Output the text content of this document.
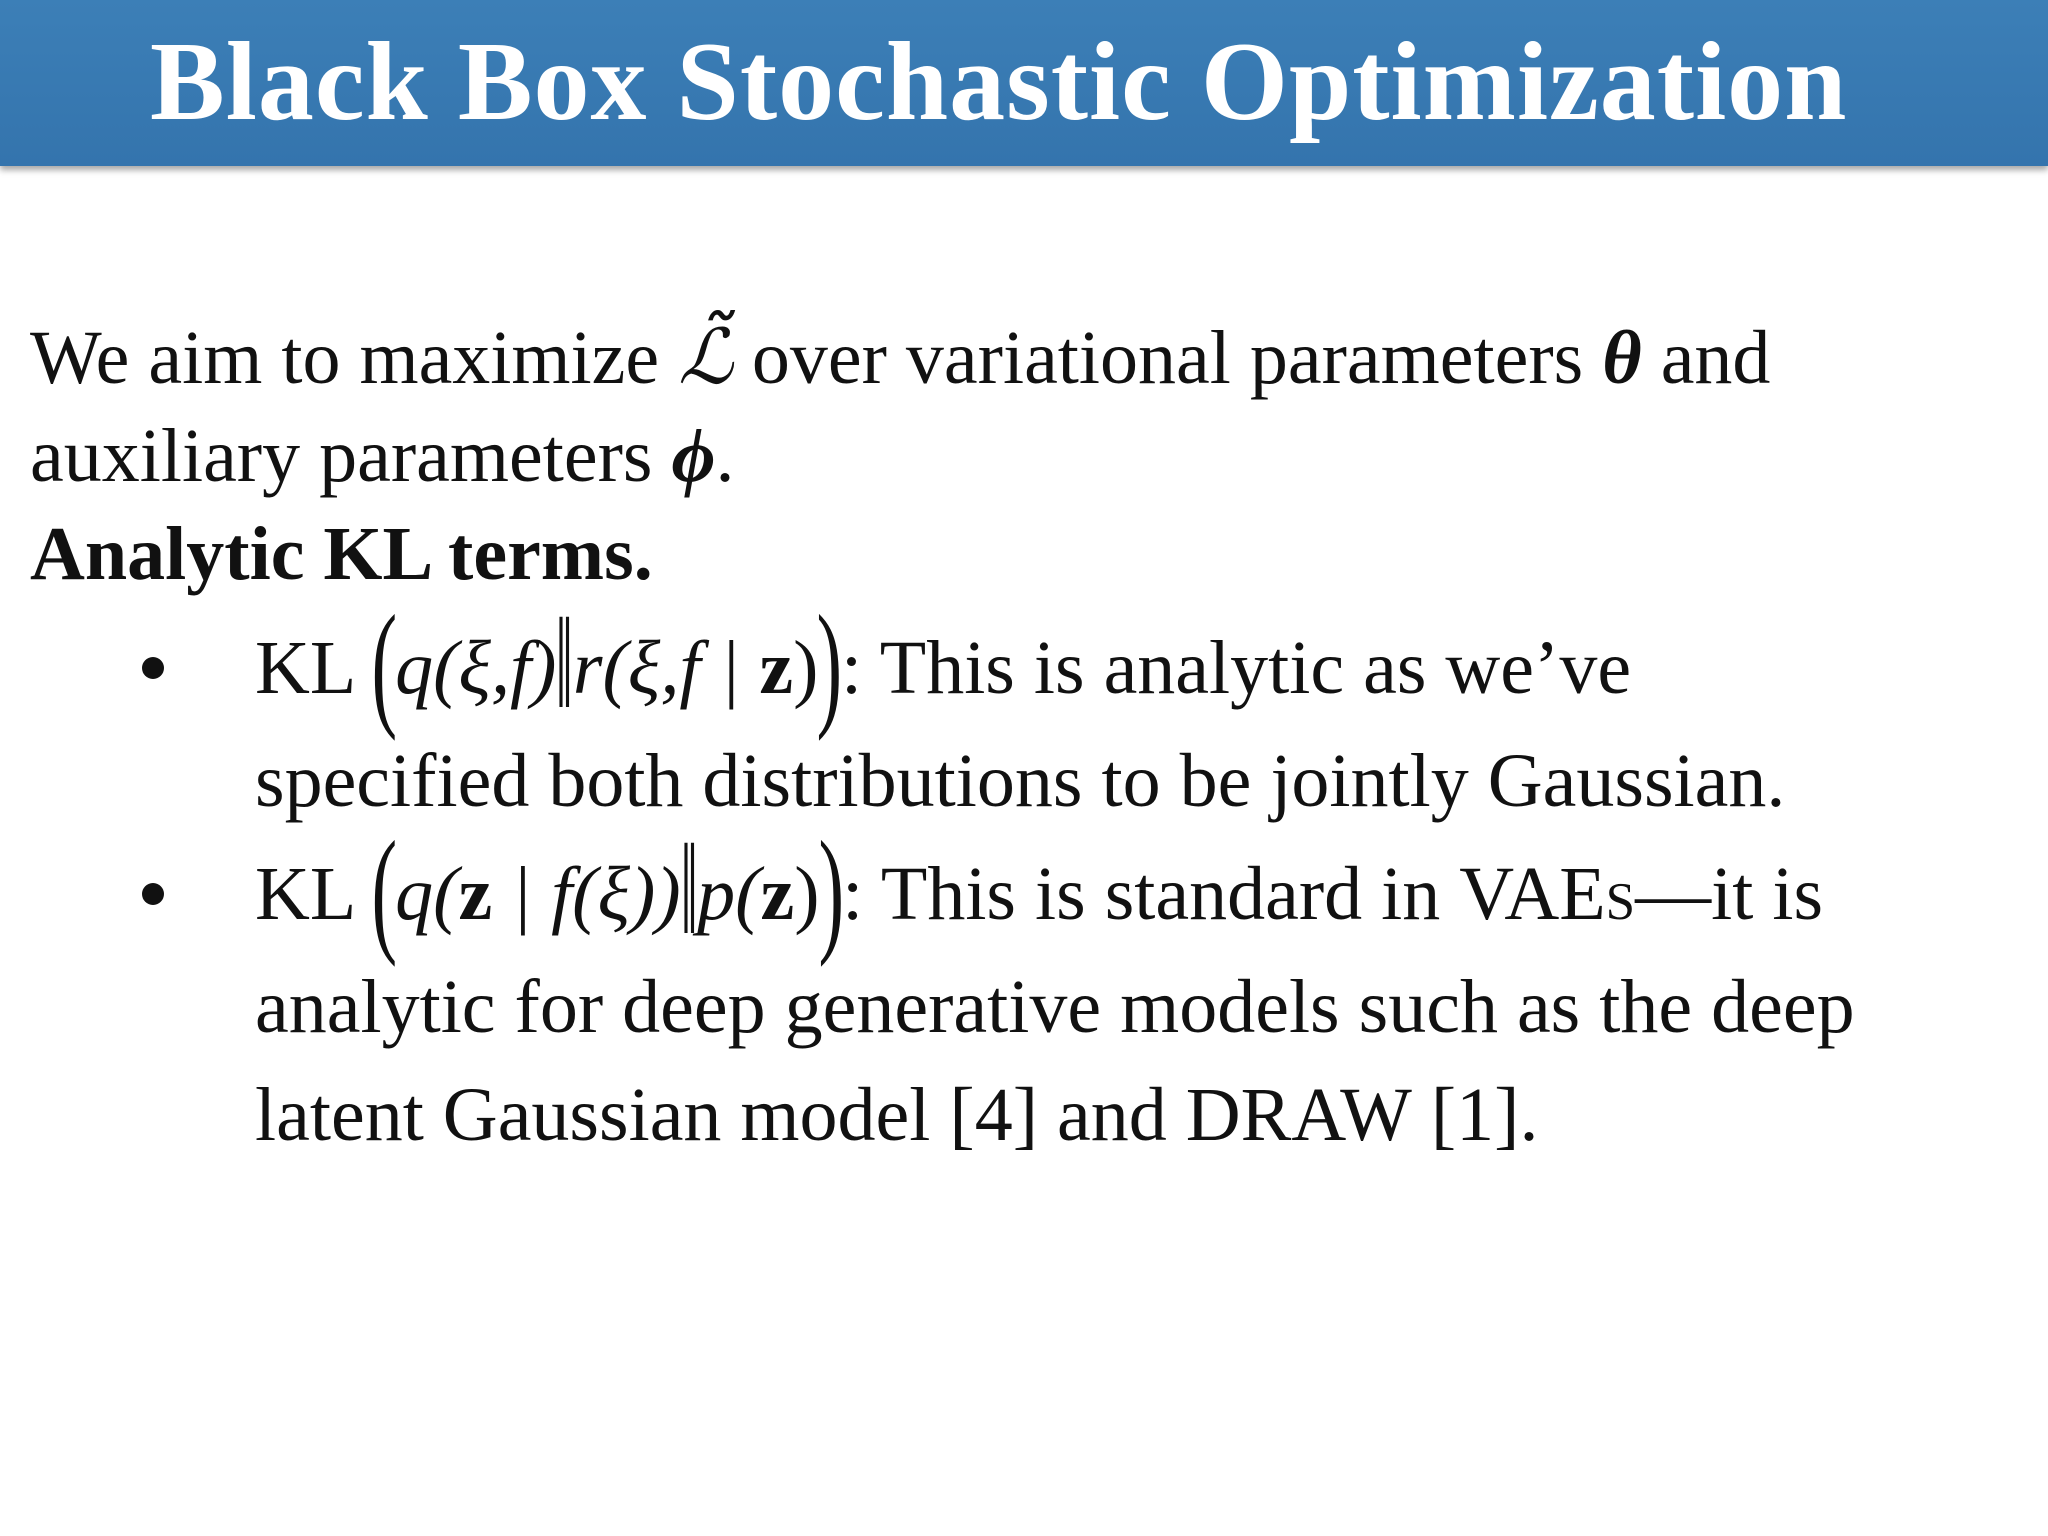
Black Box Stochastic Optimization

We aim to maximize ℒ̃ over variational parameters θ and auxiliary parameters ϕ.

Analytic KL terms.

KL (q(ξ,f)‖r(ξ,f | z)): This is analytic as we’ve
specified both distributions to be jointly Gaussian.
KL (q(z | f(ξ))‖p(z)): This is standard in VAEs—it is
analytic for deep generative models such as the deep
latent Gaussian model [4] and DRAW [1].
